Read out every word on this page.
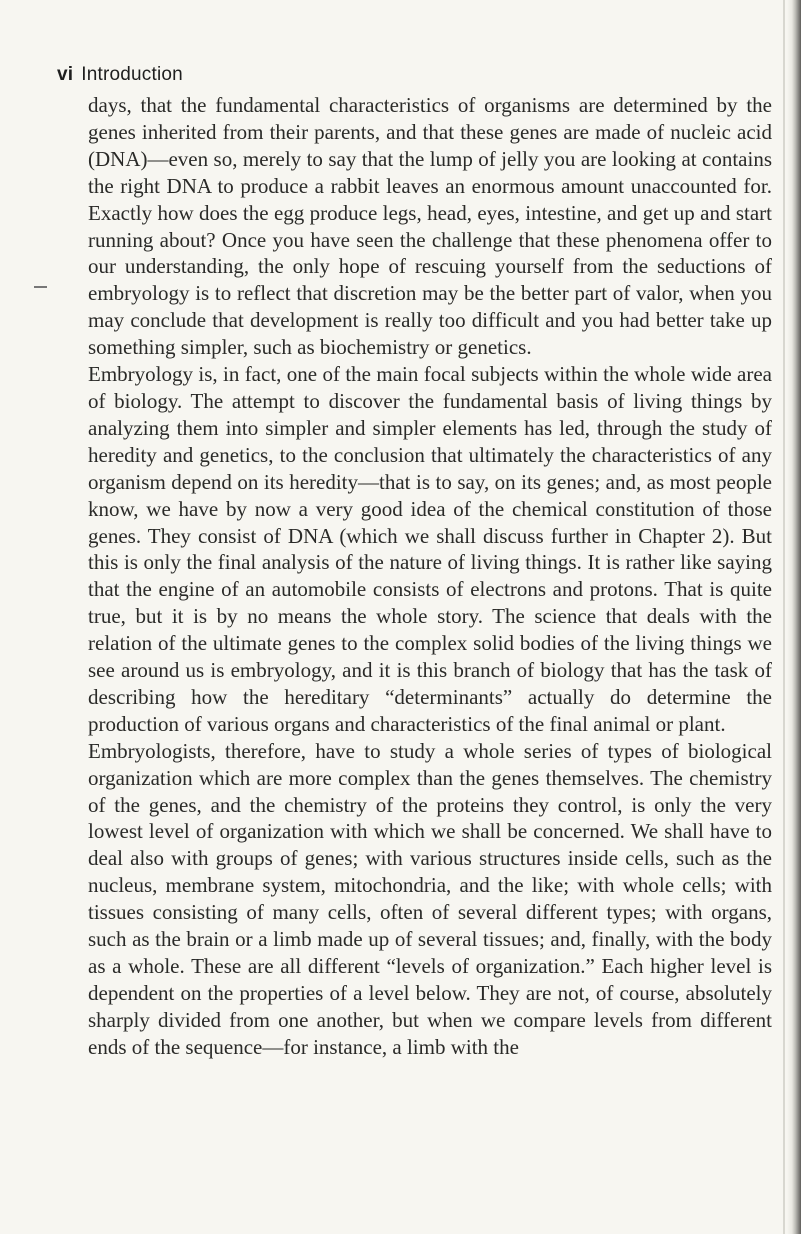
vi Introduction

days, that the fundamental characteristics of organisms are determined by the genes inherited from their parents, and that these genes are made of nucleic acid (DNA)—even so, merely to say that the lump of jelly you are looking at contains the right DNA to produce a rabbit leaves an enormous amount unaccounted for. Exactly how does the egg produce legs, head, eyes, intestine, and get up and start running about? Once you have seen the challenge that these phenomena offer to our understanding, the only hope of rescuing yourself from the seductions of embryology is to reflect that discretion may be the better part of valor, when you may conclude that development is really too difficult and you had better take up something simpler, such as biochemistry or genetics.

Embryology is, in fact, one of the main focal subjects within the whole wide area of biology. The attempt to discover the fundamental basis of living things by analyzing them into simpler and simpler elements has led, through the study of heredity and genetics, to the conclusion that ultimately the characteristics of any organism depend on its heredity—that is to say, on its genes; and, as most people know, we have by now a very good idea of the chemical constitution of those genes. They consist of DNA (which we shall discuss further in Chapter 2). But this is only the final analysis of the nature of living things. It is rather like saying that the engine of an automobile consists of electrons and protons. That is quite true, but it is by no means the whole story. The science that deals with the relation of the ultimate genes to the complex solid bodies of the living things we see around us is embryology, and it is this branch of biology that has the task of describing how the hereditary “determinants” actually do determine the production of various organs and characteristics of the final animal or plant.

Embryologists, therefore, have to study a whole series of types of biological organization which are more complex than the genes themselves. The chemistry of the genes, and the chemistry of the proteins they control, is only the very lowest level of organization with which we shall be concerned. We shall have to deal also with groups of genes; with various structures inside cells, such as the nucleus, membrane system, mitochondria, and the like; with whole cells; with tissues consisting of many cells, often of several different types; with organs, such as the brain or a limb made up of several tissues; and, finally, with the body as a whole. These are all different “levels of organization.” Each higher level is dependent on the properties of a level below. They are not, of course, absolutely sharply divided from one another, but when we compare levels from different ends of the sequence—for instance, a limb with the
